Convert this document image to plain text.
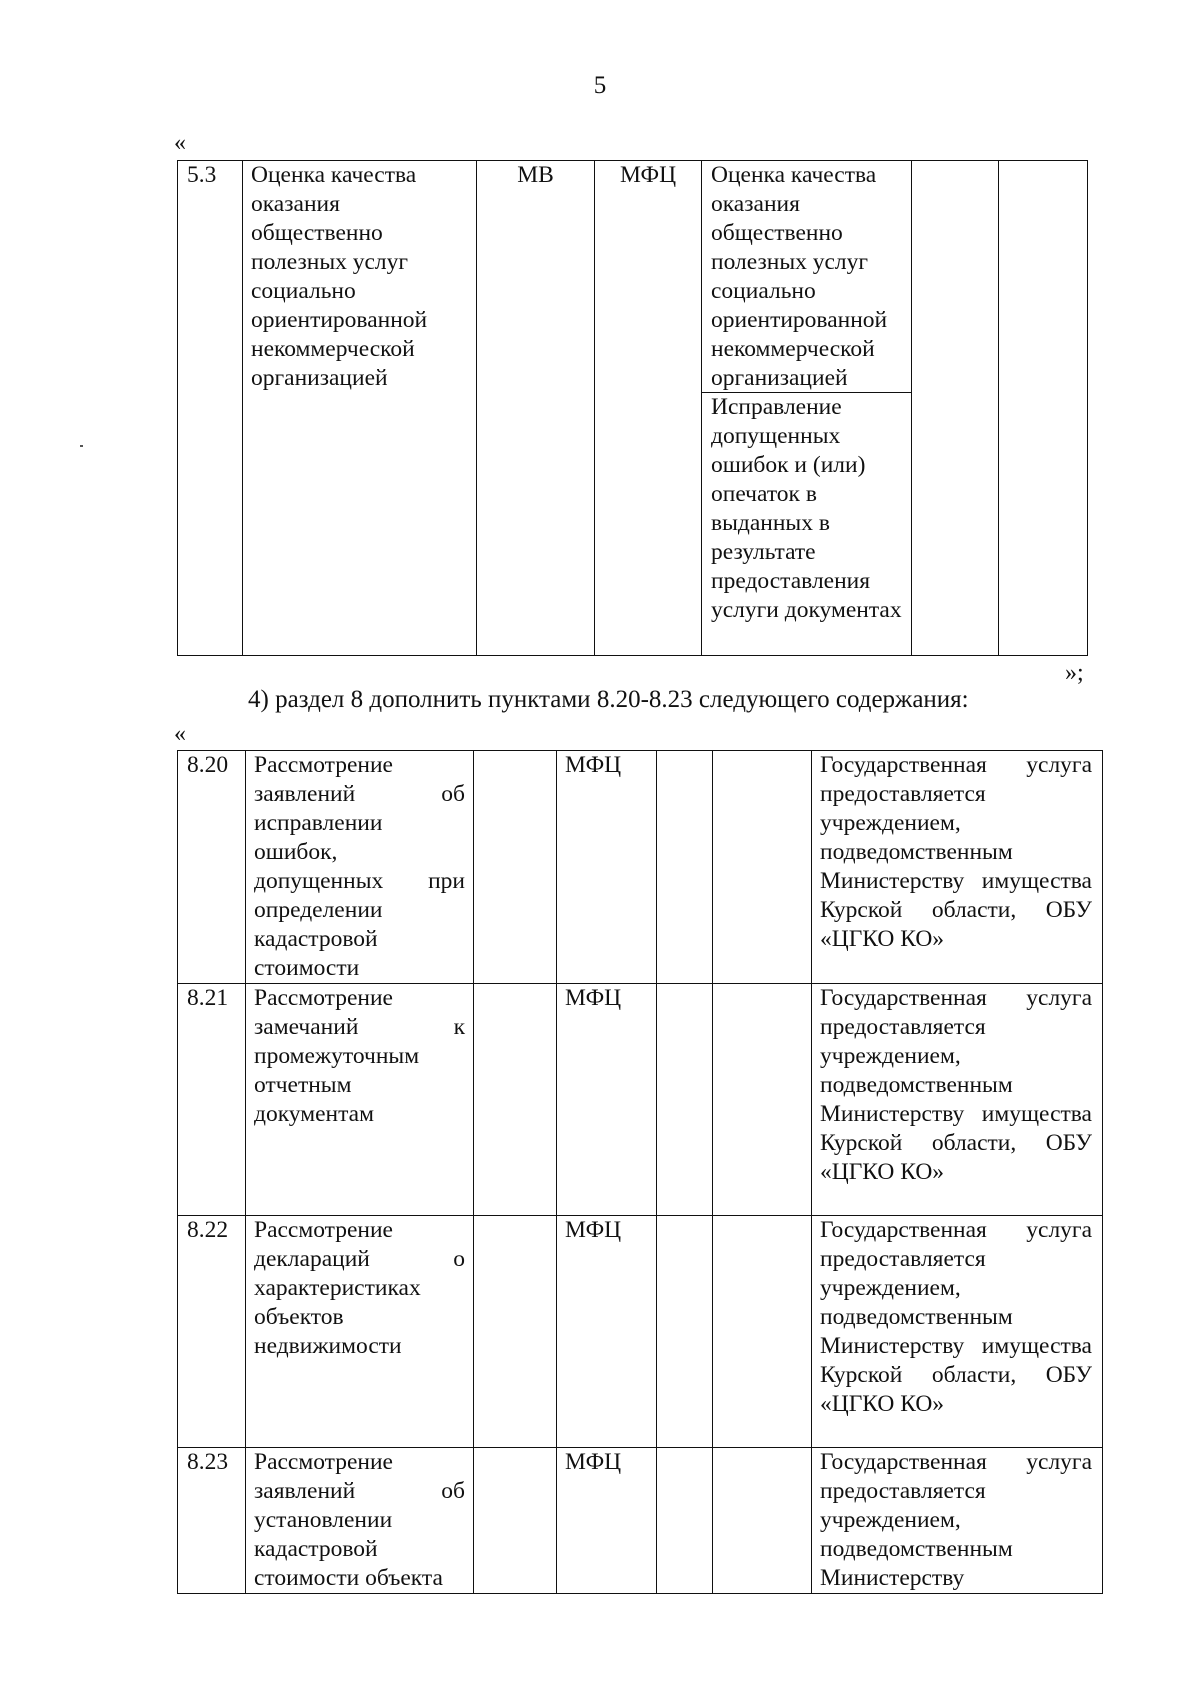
5
«
5.3	Оценка качества оказания общественно полезных услуг социально ориентированной некоммерческой организацией	МВ	МФЦ	Оценка качества оказания общественно полезных услуг социально ориентированной некоммерческой организацией
Исправление допущенных ошибок и (или) опечаток в выданных в результате предоставления услуги документах

»;
4) раздел 8 дополнить пунктами 8.20-8.23 следующего содержания:
«
8.20	Рассмотрение заявлений об исправлении ошибок, допущенных при определении кадастровой стоимости		МФЦ			Государственная услуга предоставляется учреждением, подведомственным Министерству имущества Курской области, ОБУ «ЦГКО КО»
8.21	Рассмотрение замечаний к промежуточным отчетным документам		МФЦ			Государственная услуга предоставляется учреждением, подведомственным Министерству имущества Курской области, ОБУ «ЦГКО КО»
8.22	Рассмотрение деклараций о характеристиках объектов недвижимости		МФЦ			Государственная услуга предоставляется учреждением, подведомственным Министерству имущества Курской области, ОБУ «ЦГКО КО»
8.23	Рассмотрение заявлений об установлении кадастровой стоимости объекта		МФЦ			Государственная услуга предоставляется учреждением, подведомственным Министерству
